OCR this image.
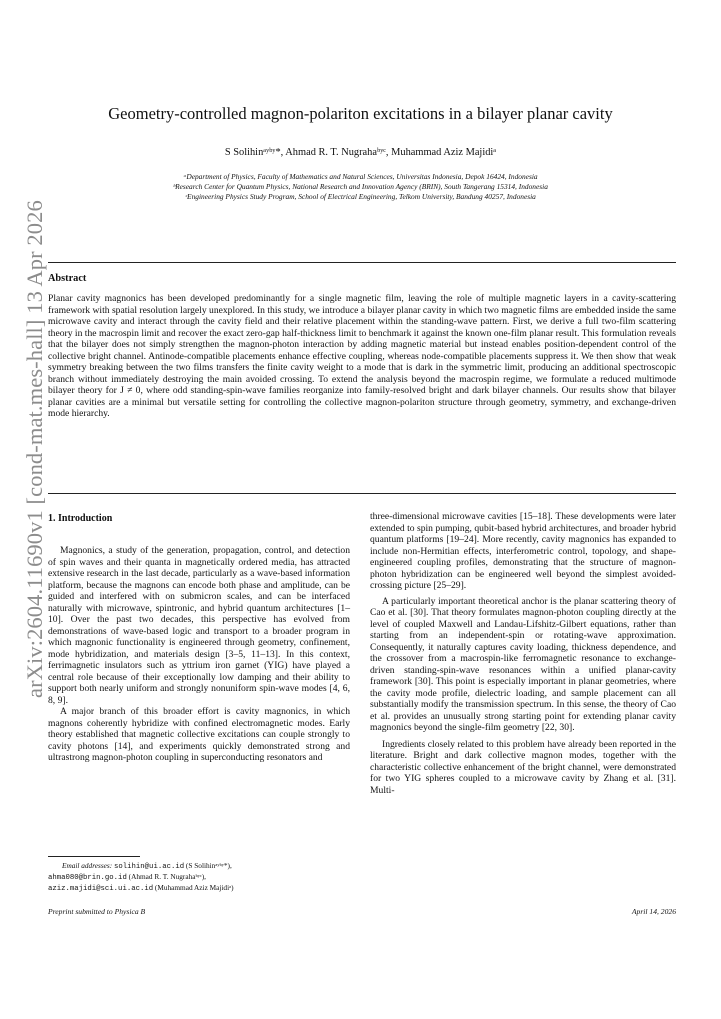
arXiv:2604.11690v1 [cond-mat.mes-hall] 13 Apr 2026
Geometry-controlled magnon-polariton excitations in a bilayer planar cavity
S Solihinᵃʸᵇʸ*, Ahmad R. T. Nugrahaᵇʸᶜ, Muhammad Aziz Majidiᵃ
ᵃDepartment of Physics, Faculty of Mathematics and Natural Sciences, Universitas Indonesia, Depok 16424, Indonesia
ᵇResearch Center for Quantum Physics, National Research and Innovation Agency (BRIN), South Tangerang 15314, Indonesia
ᶜEngineering Physics Study Program, School of Electrical Engineering, Telkom University, Bandung 40257, Indonesia
Abstract
Planar cavity magnonics has been developed predominantly for a single magnetic film, leaving the role of multiple magnetic layers in a cavity-scattering framework with spatial resolution largely unexplored. In this study, we introduce a bilayer planar cavity in which two magnetic films are embedded inside the same microwave cavity and interact through the cavity field and their relative placement within the standing-wave pattern. First, we derive a full two-film scattering theory in the macrospin limit and recover the exact zero-gap half-thickness limit to benchmark it against the known one-film planar result. This formulation reveals that the bilayer does not simply strengthen the magnon-photon interaction by adding magnetic material but instead enables position-dependent control of the collective bright channel. Antinode-compatible placements enhance effective coupling, whereas node-compatible placements suppress it. We then show that weak symmetry breaking between the two films transfers the finite cavity weight to a mode that is dark in the symmetric limit, producing an additional spectroscopic branch without immediately destroying the main avoided crossing. To extend the analysis beyond the macrospin regime, we formulate a reduced multimode bilayer theory for J ≠ 0, where odd standing-spin-wave families reorganize into family-resolved bright and dark bilayer channels. Our results show that bilayer planar cavities are a minimal but versatile setting for controlling the collective magnon-polariton structure through geometry, symmetry, and exchange-driven mode hierarchy.
1. Introduction

Magnonics, a study of the generation, propagation, control, and detection of spin waves and their quanta in magnetically ordered media, has attracted extensive research in the last decade, particularly as a wave-based information platform, because the magnons can encode both phase and amplitude, can be guided and interfered with on submicron scales, and can be interfaced naturally with microwave, spintronic, and hybrid quantum architectures [1–10]. Over the past two decades, this perspective has evolved from demonstrations of wave-based logic and transport to a broader program in which magnonic functionality is engineered through geometry, confinement, mode hybridization, and materials design [3–5, 11–13]. In this context, ferrimagnetic insulators such as yttrium iron garnet (YIG) have played a central role because of their exceptionally low damping and their ability to support both nearly uniform and strongly nonuniform spin-wave modes [4, 6, 8, 9].

A major branch of this broader effort is cavity magnonics, in which magnons coherently hybridize with confined electromagnetic modes. Early theory established that magnetic collective excitations can couple strongly to cavity photons [14], and experiments quickly demonstrated strong and ultrastrong magnon-photon coupling in superconducting resonators and

three-dimensional microwave cavities [15–18]. These developments were later extended to spin pumping, qubit-based hybrid architectures, and broader hybrid quantum platforms [19–24]. More recently, cavity magnonics has expanded to include non-Hermitian effects, interferometric control, topology, and shape-engineered coupling profiles, demonstrating that the structure of magnon-photon hybridization can be engineered well beyond the simplest avoided-crossing picture [25–29].

A particularly important theoretical anchor is the planar scattering theory of Cao et al. [30]. That theory formulates magnon-photon coupling directly at the level of coupled Maxwell and Landau-Lifshitz-Gilbert equations, rather than starting from an independent-spin or rotating-wave approximation. Consequently, it naturally captures cavity loading, thickness dependence, and the crossover from a macrospin-like ferromagnetic resonance to exchange-driven standing-spin-wave resonances within a unified planar-cavity framework [30]. This point is especially important in planar geometries, where the cavity mode profile, dielectric loading, and sample placement can all substantially modify the transmission spectrum. In this sense, the theory of Cao et al. provides an unusually strong starting point for extending planar cavity magnonics beyond the single-film geometry [22, 30].

Ingredients closely related to this problem have already been reported in the literature. Bright and dark collective magnon modes, together with the characteristic collective enhancement of the bright channel, were demonstrated for two YIG spheres coupled to a microwave cavity by Zhang et al. [31]. Multi-

Email addresses: solihin@ui.ac.id (S Solihinᵃʸᵇʸ*),
ahma080@brin.go.id (Ahmad R. T. Nugrahaᵇʸᶜ),
aziz.majidi@sci.ui.ac.id (Muhammad Aziz Majidiᵃ)
Preprint submitted to Physica B	April 14, 2026
